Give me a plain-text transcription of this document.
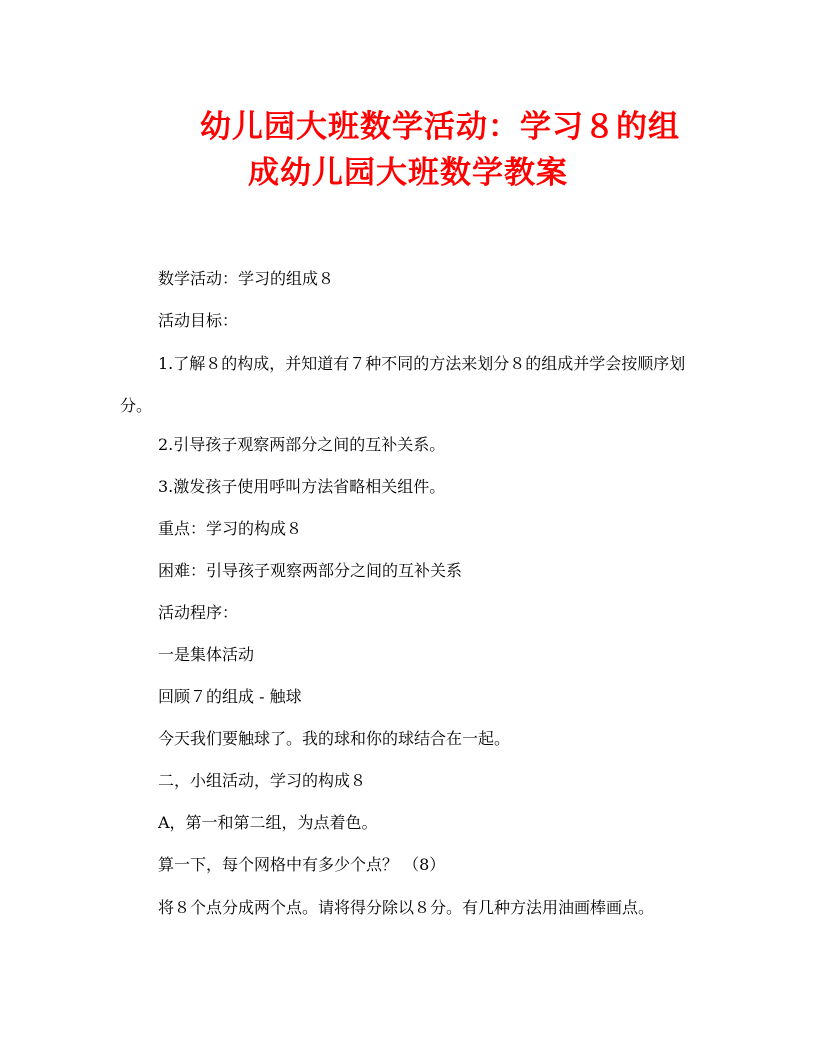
幼儿园大班数学活动：学习８的组
成幼儿园大班数学教案

数学活动：学习的组成８

活动目标：

1.了解８的构成，并知道有７种不同的方法来划分８的组成并学会按顺序划分。

2.引导孩子观察两部分之间的互补关系。

3.激发孩子使用呼叫方法省略相关组件。

重点：学习的构成８

困难：引导孩子观察两部分之间的互补关系

活动程序：

一是集体活动

回顾７的组成 - 触球

今天我们要触球了。我的球和你的球结合在一起。

二，小组活动，学习的构成８

A，第一和第二组，为点着色。

算一下，每个网格中有多少个点？ （8）

将８个点分成两个点。请将得分除以８分。有几种方法用油画棒画点。
